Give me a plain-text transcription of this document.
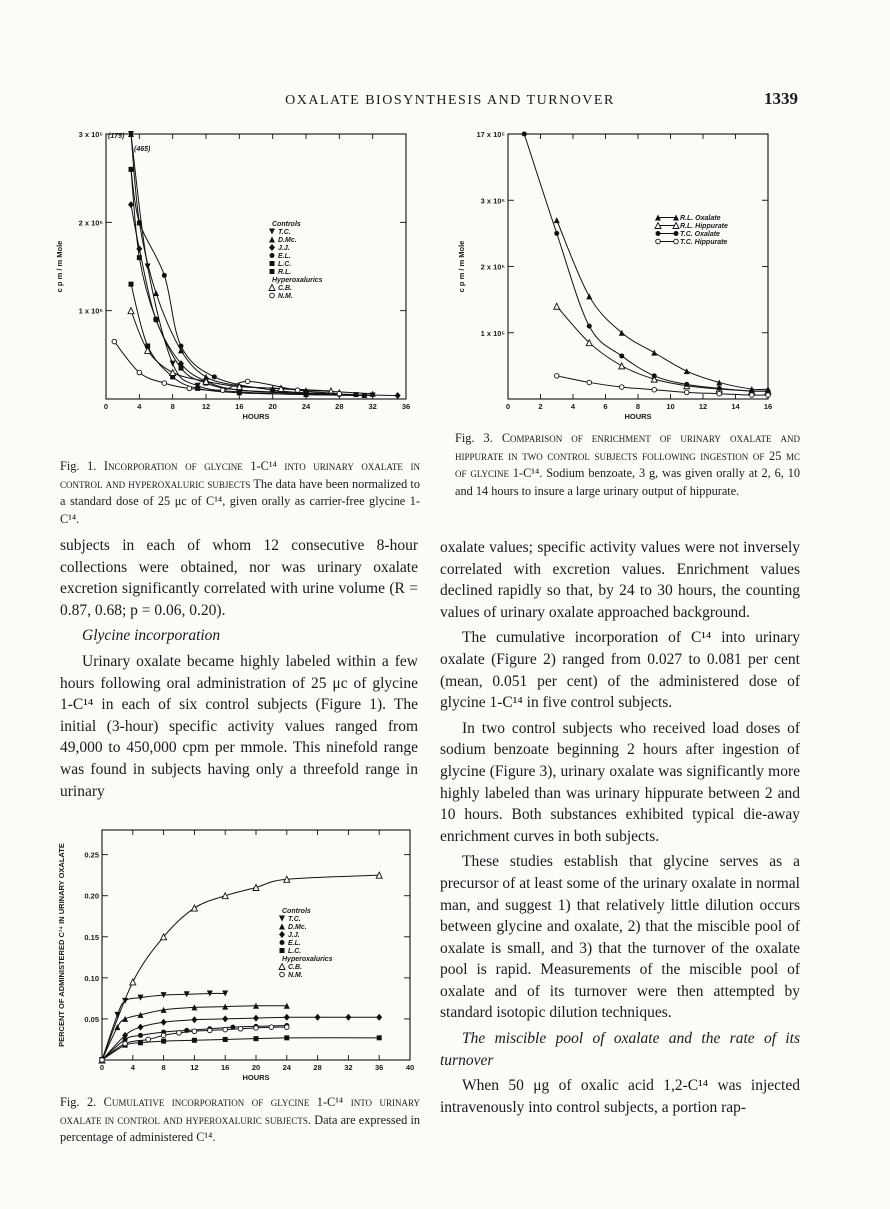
OXALATE BIOSYNTHESIS AND TURNOVER	1339
0	4	8	12	16	20	24	28	32	36
HOURS
1 x 10⁵
2 x 10⁵
3 x 10⁵
c p m / m Mole
Controls
T.C.
D.Mc.
J.J.
E.L.
L.C.
R.L.
Hyperoxalurics
C.B.
N.M.
(175)
(465)
Fig. 1. Incorporation of glycine 1-C¹⁴ into urinary oxalate in control and hyperoxaluric subjects The data have been normalized to a standard dose of 25 μc of C¹⁴, given orally as carrier-free glycine 1-C¹⁴.
0	2	4	6	8	10	12	14	16
HOURS
1 x 10⁵
2 x 10⁵
3 x 10⁵
17 x 10⁵
c p m / m Mole
R.L. Oxalate
R.L. Hippurate
T.C. Oxalate
T.C. Hippurate
Fig. 3. Comparison of enrichment of urinary oxalate and hippurate in two control subjects following ingestion of 25 μc of glycine 1-C¹⁴. Sodium benzoate, 3 g, was given orally at 2, 6, 10 and 14 hours to insure a large urinary output of hippurate.

subjects in each of whom 12 consecutive 8-hour collections were obtained, nor was urinary oxalate excretion significantly correlated with urine volume (R = 0.87, 0.68; p = 0.06, 0.20).

Glycine incorporation

Urinary oxalate became highly labeled within a few hours following oral administration of 25 μc of glycine 1-C¹⁴ in each of six control subjects (Figure 1). The initial (3-hour) specific activity values ranged from 49,000 to 450,000 cpm per mmole. This ninefold range was found in subjects having only a threefold range in urinary

0	4	8	12	16	20	24	28	32	36	40
HOURS
0.05
0.10
0.15
0.20
0.25
PERCENT OF ADMINISTERED C¹⁴ IN URINARY OXALATE	Controls
T.C.
D.Mc.
J.J.
E.L.
L.C.
Hyperoxalurics
C.B.
N.M.
Fig. 2. Cumulative incorporation of glycine 1-C¹⁴ into urinary oxalate in control and hyperoxaluric subjects. Data are expressed in percentage of administered C¹⁴.

oxalate values; specific activity values were not inversely correlated with excretion values. Enrichment values declined rapidly so that, by 24 to 30 hours, the counting values of urinary oxalate approached background.

The cumulative incorporation of C¹⁴ into urinary oxalate (Figure 2) ranged from 0.027 to 0.081 per cent (mean, 0.051 per cent) of the administered dose of glycine 1-C¹⁴ in five control subjects.

In two control subjects who received load doses of sodium benzoate beginning 2 hours after ingestion of glycine (Figure 3), urinary oxalate was significantly more highly labeled than was urinary hippurate between 2 and 10 hours. Both substances exhibited typical die-away enrichment curves in both subjects.

These studies establish that glycine serves as a precursor of at least some of the urinary oxalate in normal man, and suggest 1) that relatively little dilution occurs between glycine and oxalate, 2) that the miscible pool of oxalate is small, and 3) that the turnover of the oxalate pool is rapid. Measurements of the miscible pool of oxalate and of its turnover were then attempted by standard isotopic dilution techniques.

The miscible pool of oxalate and the rate of its turnover

When 50 μg of oxalic acid 1,2-C¹⁴ was injected intravenously into control subjects, a portion rap-
